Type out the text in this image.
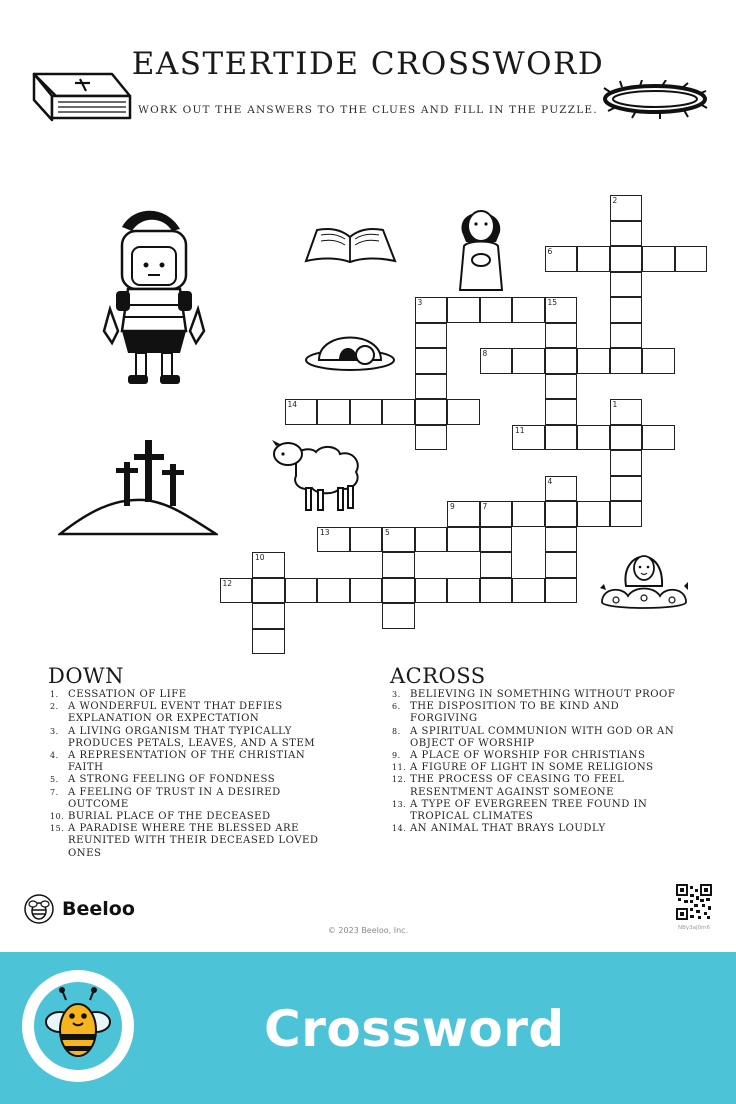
EASTERTIDE CROSSWORD
WORK OUT THE ANSWERS TO THE CLUES AND FILL IN THE PUZZLE.
2
6
3	15
8
14	1
11
4
9	7
13	5
10
12
DOWN
1. CESSATION OF LIFE
2. A WONDERFUL EVENT THAT DEFIES EXPLANATION OR EXPECTATION
3. A LIVING ORGANISM THAT TYPICALLY PRODUCES PETALS, LEAVES, AND A STEM
4. A REPRESENTATION OF THE CHRISTIAN FAITH
5. A STRONG FEELING OF FONDNESS
7. A FEELING OF TRUST IN A DESIRED OUTCOME
10. BURIAL PLACE OF THE DECEASED
15. A PARADISE WHERE THE BLESSED ARE REUNITED WITH THEIR DECEASED LOVED ONES
ACROSS
3. BELIEVING IN SOMETHING WITHOUT PROOF
6. THE DISPOSITION TO BE KIND AND FORGIVING
8. A SPIRITUAL COMMUNION WITH GOD OR AN OBJECT OF WORSHIP
9. A PLACE OF WORSHIP FOR CHRISTIANS
11. A FIGURE OF LIGHT IN SOME RELIGIONS
12. THE PROCESS OF CEASING TO FEEL RESENTMENT AGAINST SOMEONE
13. A TYPE OF EVERGREEN TREE FOUND IN TROPICAL CLIMATES
14. AN ANIMAL THAT BRAYS LOUDLY
Beeloo
© 2023 Beeloo, Inc.	NBy3aJ0m6
Crossword
